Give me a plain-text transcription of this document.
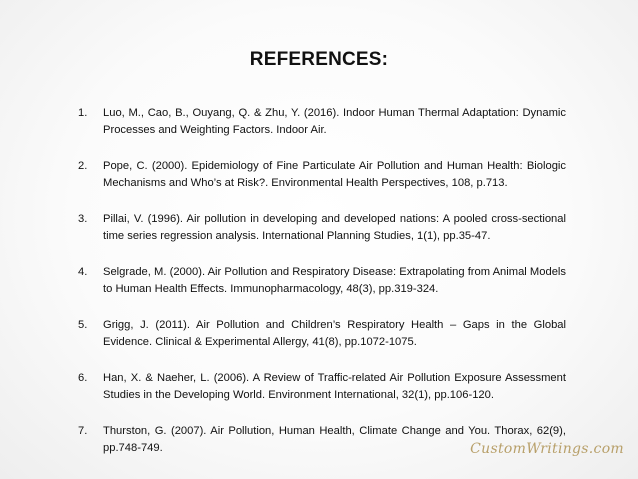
REFERENCES:
1.	Luo, M., Cao, B., Ouyang, Q. & Zhu, Y. (2016). Indoor Human Thermal Adaptation: Dynamic Processes and Weighting Factors. Indoor Air.
2.	Pope, C. (2000). Epidemiology of Fine Particulate Air Pollution and Human Health: Biologic Mechanisms and Who’s at Risk?. Environmental Health Perspectives, 108, p.713.
3.	Pillai, V. (1996). Air pollution in developing and developed nations: A pooled cross-sectional time series regression analysis. International Planning Studies, 1(1), pp.35-47.
4.	Selgrade, M. (2000). Air Pollution and Respiratory Disease: Extrapolating from Animal Models to Human Health Effects. Immunopharmacology, 48(3), pp.319-324.
5.	Grigg, J. (2011). Air Pollution and Children’s Respiratory Health – Gaps in the Global Evidence. Clinical & Experimental Allergy, 41(8), pp.1072-1075.
6.	Han, X. & Naeher, L. (2006). A Review of Traffic-related Air Pollution Exposure Assessment Studies in the Developing World. Environment International, 32(1), pp.106-120.
7.	Thurston, G. (2007). Air Pollution, Human Health, Climate Change and You. Thorax, 62(9), pp.748-749.	CustomWritings.com
